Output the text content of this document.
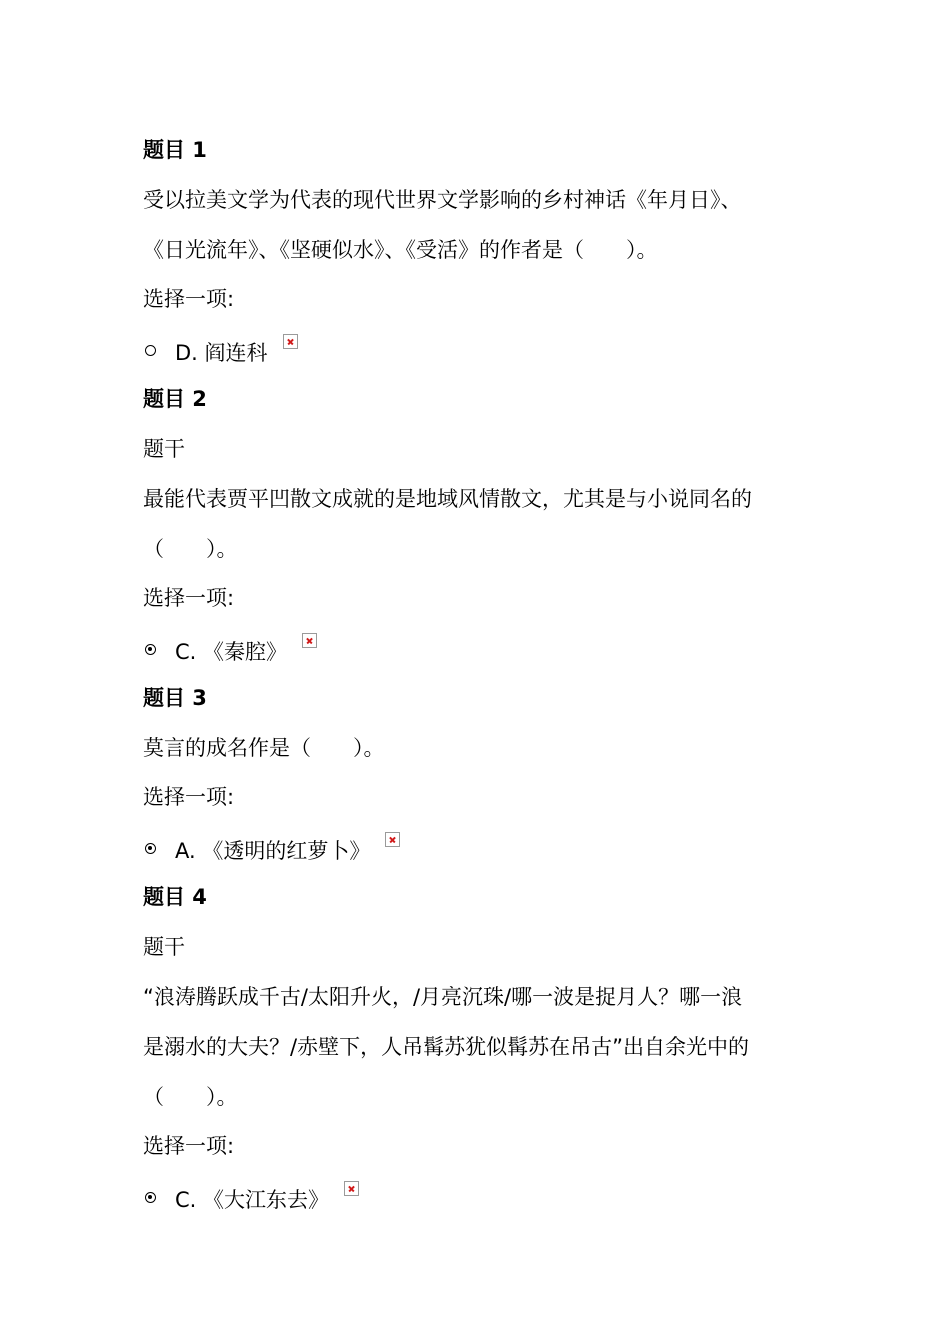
题目 1
受以拉美文学为代表的现代世界文学影响的乡村神话《年月日》、
《日光流年》、《坚硬似水》、《受活》的作者是（　　）。
选择一项:
D. 阎连科
题目 2
题干
最能代表贾平凹散文成就的是地域风情散文，尤其是与小说同名的
（　　）。
选择一项:
C. 《秦腔》
题目 3
莫言的成名作是（　　）。
选择一项:
A. 《透明的红萝卜》
题目 4
题干
“浪涛腾跃成千古/太阳升火，/月亮沉珠/哪一波是捉月人？哪一浪
是溺水的大夫？/赤壁下，人吊髯苏犹似髯苏在吊古”出自余光中的
（　　）。
选择一项:
C. 《大江东去》
